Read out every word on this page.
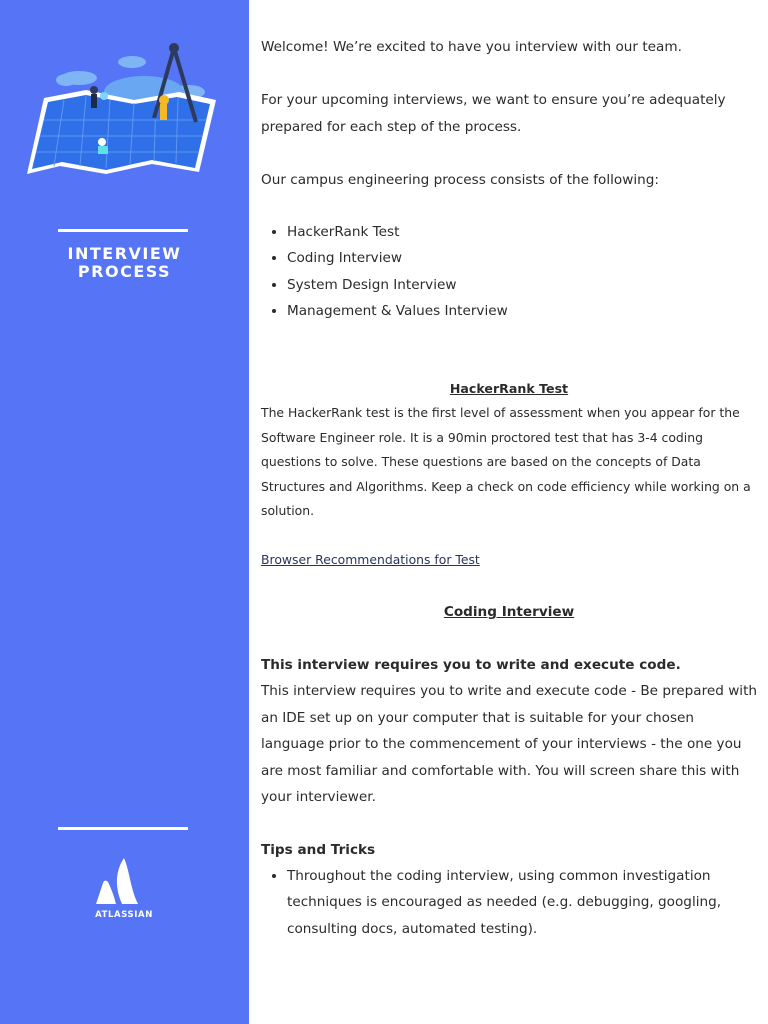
INTERVIEW
PROCESS
ATLASSIAN

Welcome! We’re excited to have you interview with our team.

For your upcoming interviews, we want to ensure you’re adequately prepared for each step of the process.

Our campus engineering process consists of the following:

• HackerRank Test
• Coding Interview
• System Design Interview
• Management & Values Interview

HackerRank Test

The HackerRank test is the first level of assessment when you appear for the Software Engineer role. It is a 90min proctored test that has 3-4 coding questions to solve. These questions are based on the concepts of Data Structures and Algorithms. Keep a check on code efficiency while working on a solution.

Browser Recommendations for Test

Coding Interview

This interview requires you to write and execute code.

This interview requires you to write and execute code - Be prepared with an IDE set up on your computer that is suitable for your chosen language prior to the commencement of your interviews - the one you are most familiar and comfortable with. You will screen share this with your interviewer.

Tips and Tricks

• Throughout the coding interview, using common investigation techniques is encouraged as needed (e.g. debugging, googling, consulting docs, automated testing).
